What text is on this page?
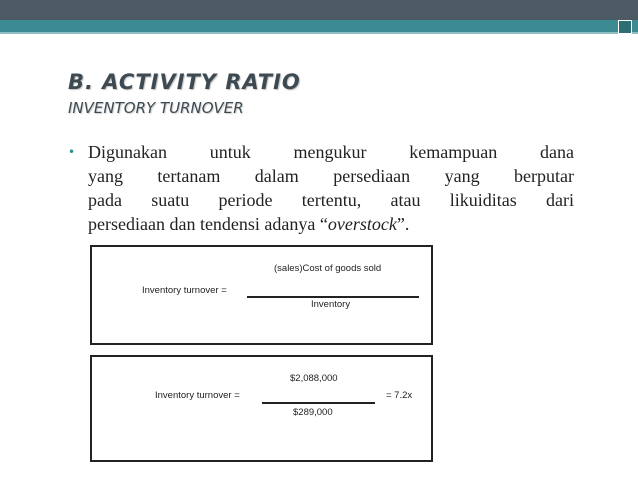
B. ACTIVITY RATIO
INVENTORY TURNOVER
• Digunakan untuk mengukur kemampuan dana
yang tertanam dalam persediaan yang berputar
pada suatu periode tertentu, atau likuiditas dari
persediaan dan tendensi adanya “overstock”.
(sales)Cost of goods sold
Inventory turnover =
Inventory
$2,088,000
Inventory turnover =	= 7.2x
$289,000
